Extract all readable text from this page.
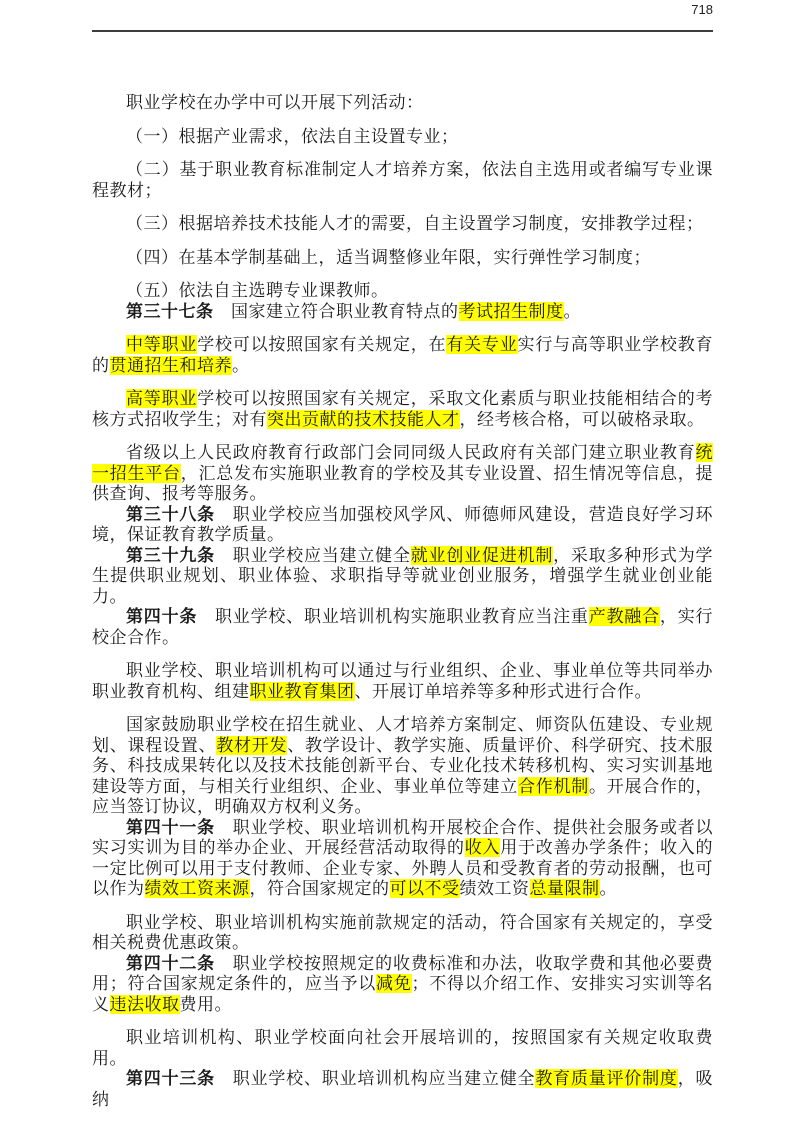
718

职业学校在办学中可以开展下列活动：

（一）根据产业需求，依法自主设置专业；

（二）基于职业教育标准制定人才培养方案，依法自主选用或者编写专业课程教材；

（三）根据培养技术技能人才的需要，自主设置学习制度，安排教学过程；

（四）在基本学制基础上，适当调整修业年限，实行弹性学习制度；

（五）依法自主选聘专业课教师。

第三十七条　国家建立符合职业教育特点的考试招生制度。

中等职业学校可以按照国家有关规定，在有关专业实行与高等职业学校教育的贯通招生和培养。

高等职业学校可以按照国家有关规定，采取文化素质与职业技能相结合的考核方式招收学生；对有突出贡献的技术技能人才，经考核合格，可以破格录取。

省级以上人民政府教育行政部门会同同级人民政府有关部门建立职业教育统一招生平台，汇总发布实施职业教育的学校及其专业设置、招生情况等信息，提供查询、报考等服务。

第三十八条　职业学校应当加强校风学风、师德师风建设，营造良好学习环境，保证教育教学质量。

第三十九条　职业学校应当建立健全就业创业促进机制，采取多种形式为学生提供职业规划、职业体验、求职指导等就业创业服务，增强学生就业创业能力。

第四十条　职业学校、职业培训机构实施职业教育应当注重产教融合，实行校企合作。

职业学校、职业培训机构可以通过与行业组织、企业、事业单位等共同举办职业教育机构、组建职业教育集团、开展订单培养等多种形式进行合作。

国家鼓励职业学校在招生就业、人才培养方案制定、师资队伍建设、专业规划、课程设置、教材开发、教学设计、教学实施、质量评价、科学研究、技术服务、科技成果转化以及技术技能创新平台、专业化技术转移机构、实习实训基地建设等方面，与相关行业组织、企业、事业单位等建立合作机制。开展合作的，应当签订协议，明确双方权利义务。

第四十一条　职业学校、职业培训机构开展校企合作、提供社会服务或者以实习实训为目的举办企业、开展经营活动取得的收入用于改善办学条件；收入的一定比例可以用于支付教师、企业专家、外聘人员和受教育者的劳动报酬，也可以作为绩效工资来源，符合国家规定的可以不受绩效工资总量限制。

职业学校、职业培训机构实施前款规定的活动，符合国家有关规定的，享受相关税费优惠政策。

第四十二条　职业学校按照规定的收费标准和办法，收取学费和其他必要费用；符合国家规定条件的，应当予以减免；不得以介绍工作、安排实习实训等名义违法收取费用。

职业培训机构、职业学校面向社会开展培训的，按照国家有关规定收取费用。

第四十三条　职业学校、职业培训机构应当建立健全教育质量评价制度，吸纳
